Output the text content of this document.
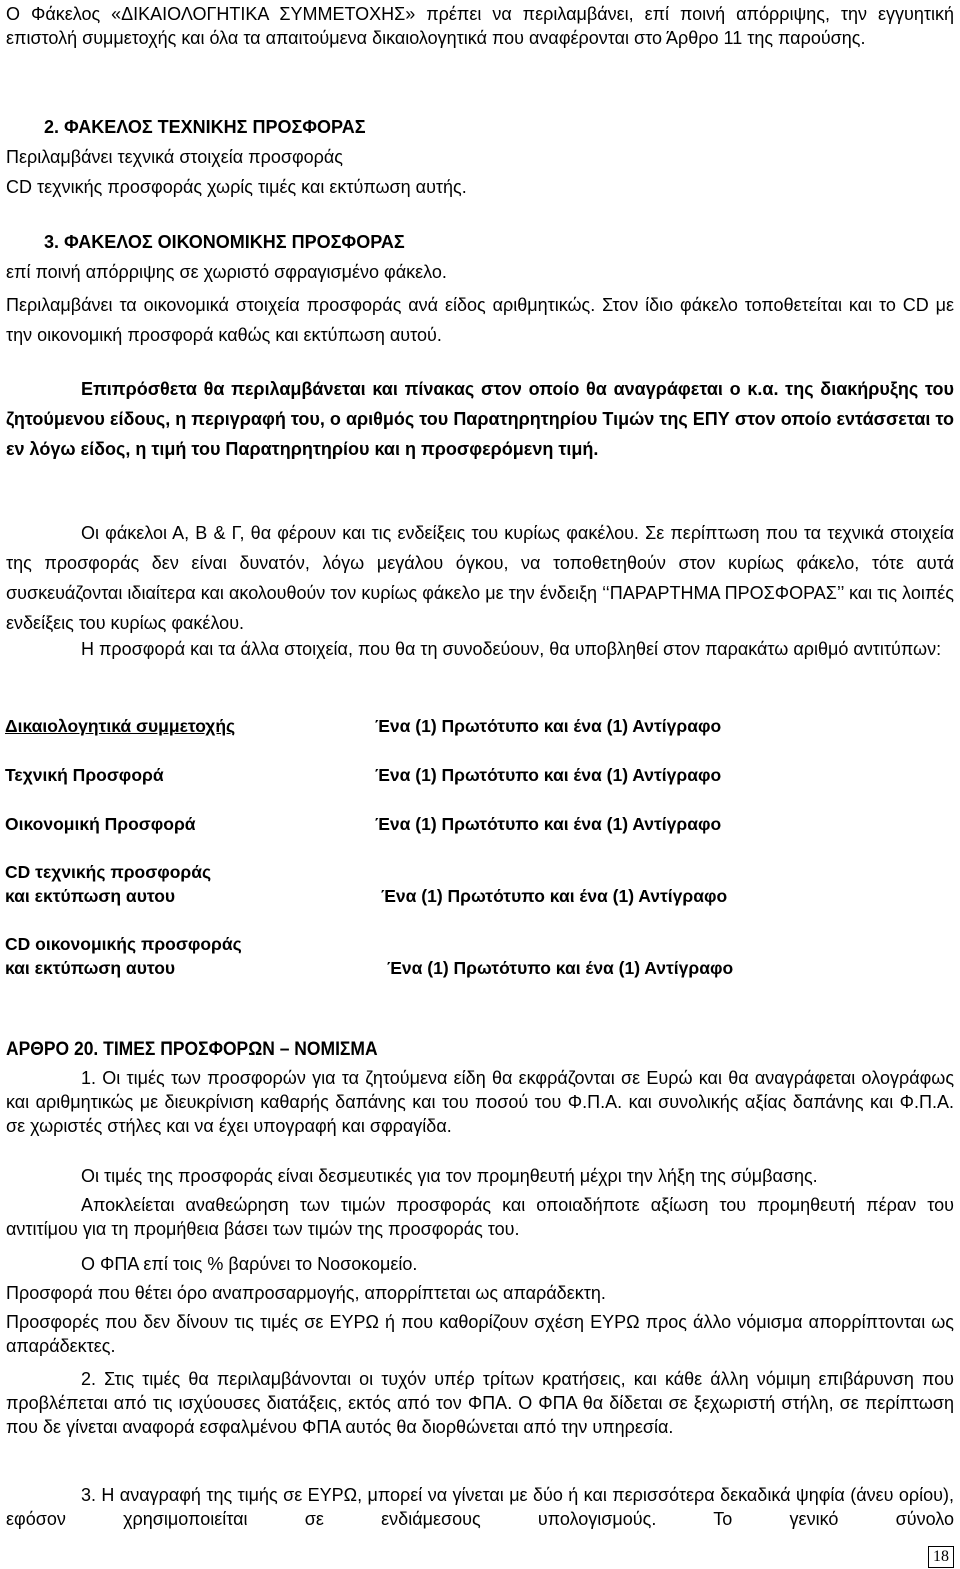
Ο Φάκελος «ΔΙΚΑΙΟΛΟΓΗΤΙΚΑ ΣΥΜΜΕΤΟΧΗΣ» πρέπει να περιλαμβάνει, επί ποινή απόρριψης, την εγγυητική επιστολή συμμετοχής και όλα τα απαιτούμενα δικαιολογητικά που αναφέρονται στο Άρθρο 11 της παρούσης.

2. ΦΑΚΕΛΟΣ ΤΕΧΝΙΚΗΣ ΠΡΟΣΦΟΡΑΣ

Περιλαμβάνει τεχνικά στοιχεία προσφοράς

CD τεχνικής προσφοράς χωρίς τιμές και εκτύπωση αυτής.

3. ΦΑΚΕΛΟΣ ΟΙΚΟΝΟΜΙΚΗΣ ΠΡΟΣΦΟΡΑΣ

επί ποινή απόρριψης σε χωριστό σφραγισμένο φάκελο.

Περιλαμβάνει τα οικονομικά στοιχεία προσφοράς ανά είδος αριθμητικώς. Στον ίδιο φάκελο τοποθετείται και το CD με την οικονομική προσφορά καθώς και εκτύπωση αυτού.

Επιπρόσθετα θα περιλαμβάνεται και πίνακας στον οποίο θα αναγράφεται ο κ.α. της διακήρυξης του ζητούμενου είδους, η περιγραφή του, ο αριθμός του Παρατηρητηρίου Τιμών της ΕΠΥ στον οποίο εντάσσεται το εν λόγω είδος, η τιμή του Παρατηρητηρίου και η προσφερόμενη τιμή.

Οι φάκελοι Α, Β & Γ, θα φέρουν και τις ενδείξεις του κυρίως φακέλου. Σε περίπτωση που τα τεχνικά στοιχεία της προσφοράς δεν είναι δυνατόν, λόγω μεγάλου όγκου, να τοποθετηθούν στον κυρίως φάκελο, τότε αυτά συσκευάζονται ιδιαίτερα και ακολουθούν τον κυρίως φάκελο με την ένδειξη ‘‘ΠΑΡΑΡΤΗΜΑ ΠΡΟΣΦΟΡΑΣ’’ και τις λοιπές ενδείξεις του κυρίως φακέλου.

Η προσφορά και τα άλλα στοιχεία, που θα τη συνοδεύουν, θα υποβληθεί στον παρακάτω αριθμό αντιτύπων:

Δικαιολογητικά συμμετοχής	Ένα (1) Πρωτότυπο και ένα (1) Αντίγραφο

Τεχνική Προσφορά	Ένα (1) Πρωτότυπο και ένα (1) Αντίγραφο

Οικονομική Προσφορά	Ένα (1) Πρωτότυπο και ένα (1) Αντίγραφο

CD τεχνικής προσφοράς

και εκτύπωση αυτου	Ένα (1) Πρωτότυπο και ένα (1) Αντίγραφο

CD οικονομικής προσφοράς

και εκτύπωση αυτου	Ένα (1) Πρωτότυπο και ένα (1) Αντίγραφο

ΑΡΘΡΟ 20. ΤΙΜΕΣ ΠΡΟΣΦΟΡΩΝ – ΝΟΜΙΣΜΑ

1. Οι τιμές των προσφορών για τα ζητούμενα είδη θα εκφράζονται σε Ευρώ και θα αναγράφεται ολογράφως και αριθμητικώς με διευκρίνιση καθαρής δαπάνης και του ποσού του Φ.Π.Α. και συνολικής αξίας δαπάνης και Φ.Π.Α. σε χωριστές στήλες και να έχει υπογραφή και σφραγίδα.

Οι τιμές της προσφοράς είναι δεσμευτικές για τον προμηθευτή μέχρι την λήξη της σύμβασης.

Αποκλείεται αναθεώρηση των τιμών προσφοράς και οποιαδήποτε αξίωση του προμηθευτή πέραν του αντιτίμου για τη προμήθεια βάσει των τιμών της προσφοράς του.

Ο ΦΠΑ επί τοις % βαρύνει το Νοσοκομείο.

Προσφορά που θέτει όρο αναπροσαρμογής, απορρίπτεται ως απαράδεκτη.

Προσφορές που δεν δίνουν τις τιμές σε ΕΥΡΩ ή που καθορίζουν σχέση ΕΥΡΩ προς άλλο νόμισμα απορρίπτονται ως απαράδεκτες.

2. Στις τιμές θα περιλαμβάνονται οι τυχόν υπέρ τρίτων κρατήσεις, και κάθε άλλη νόμιμη επιβάρυνση που προβλέπεται από τις ισχύουσες διατάξεις, εκτός από τον ΦΠΑ. Ο ΦΠΑ θα δίδεται σε ξεχωριστή στήλη, σε περίπτωση που δε γίνεται αναφορά εσφαλμένου ΦΠΑ αυτός θα διορθώνεται από την υπηρεσία.

3. Η αναγραφή της τιμής σε ΕΥΡΩ, μπορεί να γίνεται με δύο ή και περισσότερα δεκαδικά ψηφία (άνευ ορίου), εφόσον χρησιμοποιείται σε ενδιάμεσους υπολογισμούς. Το γενικό σύνολο

18
